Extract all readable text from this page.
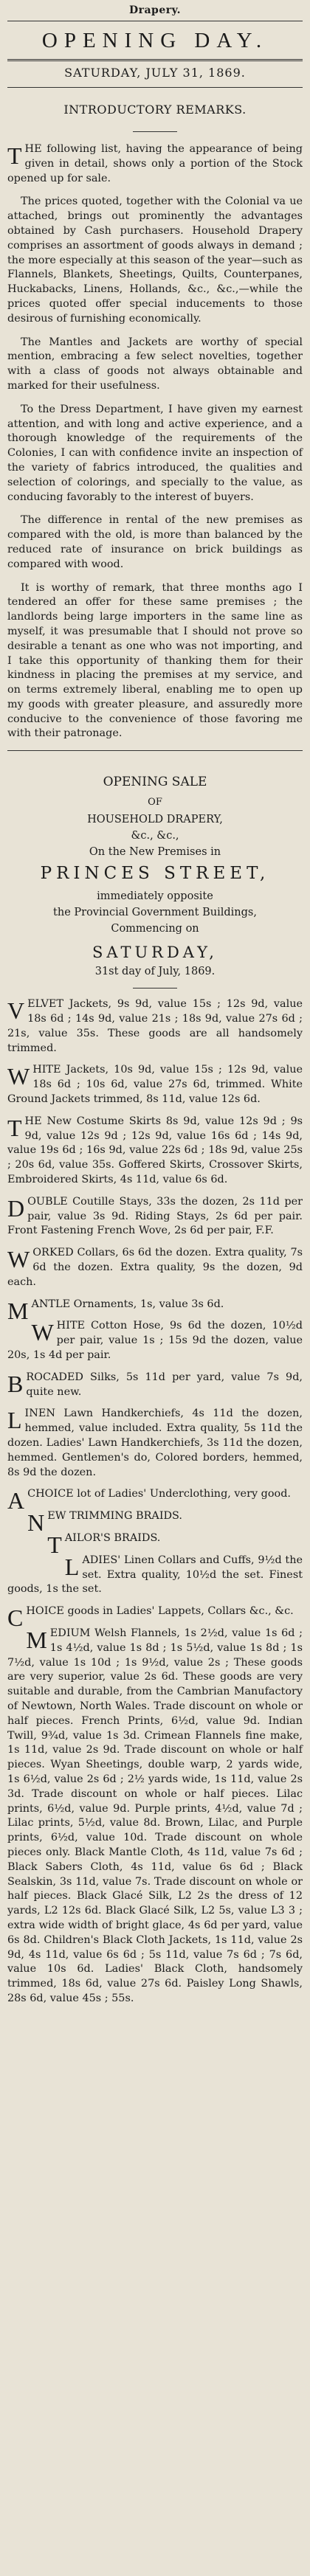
Drapery.
OPENING DAY.
SATURDAY, JULY 31, 1869.
INTRODUCTORY REMARKS.

THE following list, having the appearance of being given in detail, shows only a portion of the Stock opened up for sale.

The prices quoted, together with the Colonial va ue attached, brings out prominently the advantages obtained by Cash purchasers. Household Drapery comprises an assortment of goods always in demand ; the more especially at this season of the year—such as Flannels, Blankets, Sheetings, Quilts, Counterpanes, Huckabacks, Linens, Hollands, &c., &c.,—while the prices quoted offer special inducements to those desirous of furnishing economically.

The Mantles and Jackets are worthy of special mention, embracing a few select novelties, together with a class of goods not always obtainable and marked for their usefulness.

To the Dress Department, I have given my earnest attention, and with long and active experience, and a thorough knowledge of the requirements of the Colonies, I can with confidence invite an inspection of the variety of fabrics introduced, the qualities and selection of colorings, and specially to the value, as conducing favorably to the interest of buyers.

The difference in rental of the new premises as compared with the old, is more than balanced by the reduced rate of insurance on brick buildings as compared with wood.

It is worthy of remark, that three months ago I tendered an offer for these same premises ; the landlords being large importers in the same line as myself, it was presumable that I should not prove so desirable a tenant as one who was not importing, and I take this opportunity of thanking them for their kindness in placing the premises at my service, and on terms extremely liberal, enabling me to open up my goods with greater pleasure, and assuredly more conducive to the convenience of those favoring me with their patronage.

OPENING SALE
OF
HOUSEHOLD DRAPERY,
&c., &c.,
On the New Premises in
PRINCES STREET,
immediately opposite
the Provincial Government Buildings,
Commencing on
SATURDAY,
31st day of July, 1869.

VELVET Jackets, 9s 9d, value 15s ; 12s 9d, value 18s 6d ; 14s 9d, value 21s ; 18s 9d, value 27s 6d ; 21s, value 35s. These goods are all handsomely trimmed.

WHITE Jackets, 10s 9d, value 15s ; 12s 9d, value 18s 6d ; 10s 6d, value 27s 6d, trimmed. White Ground Jackets trimmed, 8s 11d, value 12s 6d.

THE New Costume Skirts 8s 9d, value 12s 9d ; 9s 9d, value 12s 9d ; 12s 9d, value 16s 6d ; 14s 9d, value 19s 6d ; 16s 9d, value 22s 6d ; 18s 9d, value 25s ; 20s 6d, value 35s. Goffered Skirts, Crossover Skirts, Embroidered Skirts, 4s 11d, value 6s 6d.

DOUBLE Coutille Stays, 33s the dozen, 2s 11d per pair, value 3s 9d. Riding Stays, 2s 6d per pair. Front Fastening French Wove, 2s 6d per pair, F.F.

WORKED Collars, 6s 6d the dozen. Extra quality, 7s 6d the dozen. Extra quality, 9s the dozen, 9d each.

MANTLE Ornaments, 1s, value 3s 6d.

WHITE Cotton Hose, 9s 6d the dozen, 10½d per pair, value 1s ; 15s 9d the dozen, value 20s, 1s 4d per pair.

BROCADED Silks, 5s 11d per yard, value 7s 9d, quite new.

LINEN Lawn Handkerchiefs, 4s 11d the dozen, hemmed, value included. Extra quality, 5s 11d the dozen. Ladies' Lawn Handkerchiefs, 3s 11d the dozen, hemmed. Gentlemen's do, Colored borders, hemmed, 8s 9d the dozen.

A CHOICE lot of Ladies' Underclothing, very good.

NEW TRIMMING BRAIDS.

TAILOR'S BRAIDS.

LADIES' Linen Collars and Cuffs, 9½d the set. Extra quality, 10½d the set. Finest goods, 1s the set.

CHOICE goods in Ladies' Lappets, Collars &c., &c.

MEDIUM Welsh Flannels, 1s 2½d, value 1s 6d ; 1s 4½d, value 1s 8d ; 1s 5½d, value 1s 8d ; 1s 7½d, value 1s 10d ; 1s 9½d, value 2s ; These goods are very superior, value 2s 6d. These goods are very suitable and durable, from the Cambrian Manufactory of Newtown, North Wales. Trade discount on whole or half pieces. French Prints, 6½d, value 9d. Indian Twill, 9¾d, value 1s 3d. Crimean Flannels fine make, 1s 11d, value 2s 9d. Trade discount on whole or half pieces. Wyan Sheetings, double warp, 2 yards wide, 1s 6½d, value 2s 6d ; 2½ yards wide, 1s 11d, value 2s 3d. Trade discount on whole or half pieces. Lilac prints, 6½d, value 9d. Purple prints, 4½d, value 7d ; Lilac prints, 5½d, value 8d. Brown, Lilac, and Purple prints, 6½d, value 10d. Trade discount on whole pieces only. Black Mantle Cloth, 4s 11d, value 7s 6d ; Black Sabers Cloth, 4s 11d, value 6s 6d ; Black Sealskin, 3s 11d, value 7s. Trade discount on whole or half pieces. Black Glacé Silk, L2 2s the dress of 12 yards, L2 12s 6d. Black Glacé Silk, L2 5s, value L3 3 ; extra wide width of bright glace, 4s 6d per yard, value 6s 8d. Children's Black Cloth Jackets, 1s 11d, value 2s 9d, 4s 11d, value 6s 6d ; 5s 11d, value 7s 6d ; 7s 6d, value 10s 6d. Ladies' Black Cloth, handsomely trimmed, 18s 6d, value 27s 6d. Paisley Long Shawls, 28s 6d, value 45s ; 55s.
